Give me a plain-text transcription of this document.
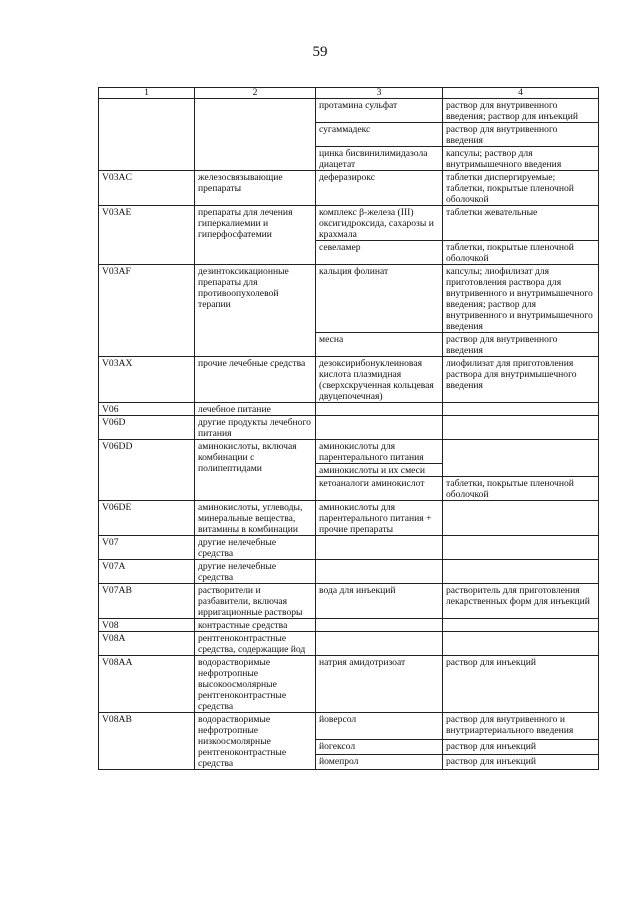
59
1	2	3	4
		протамина сульфат	раствор для внутривенного введения; раствор для инъекций
		сугаммадекс	раствор для внутривенного введения
		цинка бисвинилимидазола диацетат	капсулы; раствор для внутримышечного введения
V03AC	железосвязывающие препараты	деферазирокс	таблетки диспергируемые; таблетки, покрытые пленочной оболочкой
V03AE	препараты для лечения гиперкалиемии и гиперфосфатемии	комплекс β-железа (III) оксигидроксида, сахарозы и крахмала	таблетки жевательные
		севеламер	таблетки, покрытые пленочной оболочкой
V03AF	дезинтоксикационные препараты для противоопухолевой терапии	кальция фолинат	капсулы; лиофилизат для приготовления раствора для внутривенного и внутримышечного введения; раствор для внутривенного и внутримышечного введения
		месна	раствор для внутривенного введения
V03AX	прочие лечебные средства	дезоксирибонуклеиновая кислота плазмидная (сверхскрученная кольцевая двуцепочечная)	лиофилизат для приготовления раствора для внутримышечного введения
V06	лечебное питание		
V06D	другие продукты лечебного питания		
V06DD	аминокислоты, включая комбинации с полипептидами	аминокислоты для парентерального питания	
		аминокислоты и их смеси	
		кетоаналоги аминокислот	таблетки, покрытые пленочной оболочкой
V06DE	аминокислоты, углеводы, минеральные вещества, витамины в комбинации	аминокислоты для парентерального питания + прочие препараты	
V07	другие нелечебные средства		
V07A	другие нелечебные средства		
V07AB	растворители и разбавители, включая ирригационные растворы	вода для инъекций	растворитель для приготовления лекарственных форм для инъекций
V08	контрастные средства		
V08A	рентгеноконтрастные средства, содержащие йод		
V08AA	водорастворимые нефротропные высокоосмолярные рентгеноконтрастные средства	натрия амидотризоат	раствор для инъекций
V08AB	водорастворимые нефротропные низкоосмолярные рентгеноконтрастные средства	йоверсол	раствор для внутривенного и внутриартериального введения
		йогексол	раствор для инъекций
		йомепрол	раствор для инъекций
